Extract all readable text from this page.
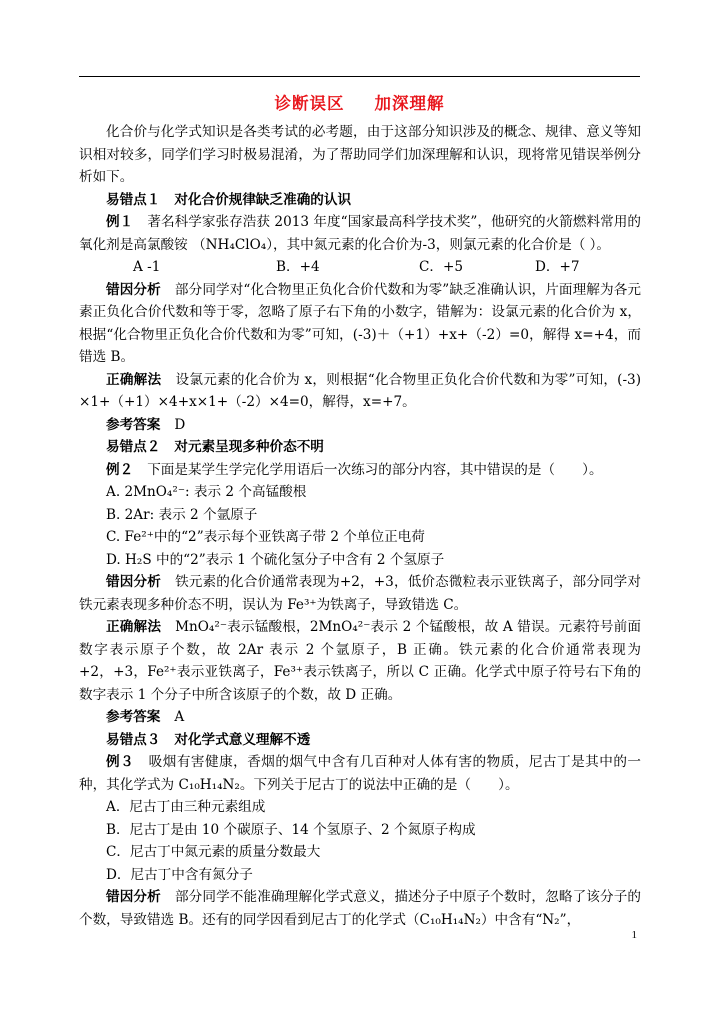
诊断误区 加深理解

化合价与化学式知识是各类考试的必考题，由于这部分知识涉及的概念、规律、意义等知识相对较多，同学们学习时极易混淆，为了帮助同学们加深理解和认识，现将常见错误举例分析如下。

易错点１ 对化合价规律缺乏准确的认识

例１ 著名科学家张存浩获 2013 年度“国家最高科学技术奖”，他研究的火箭燃料常用的氧化剂是高氯酸铵 （NH₄ClO₄），其中氮元素的化合价为-3，则氯元素的化合价是（ ）。

A -1	B．+4	C．+5	D．+7

错因分析 部分同学对“化合物里正负化合价代数和为零”缺乏准确认识，片面理解为各元素正负化合价代数和等于零，忽略了原子右下角的小数字，错解为：设氯元素的化合价为 x，根据“化合物里正负化合价代数和为零”可知，(-3)＋（+1）+x+（-2）=0，解得 x=+4，而错选 B。

正确解法 设氯元素的化合价为 x，则根据“化合物里正负化合价代数和为零”可知，(-3) ×1+（+1）×4+x×1+（-2）×4=0，解得，x=+7。

参考答案 D

易错点２ 对元素呈现多种价态不明

例２ 下面是某学生学完化学用语后一次练习的部分内容，其中错误的是（　　）。

A. 2MnO₄²⁻: 表示 2 个高锰酸根

B. 2Ar: 表示 2 个氩原子

C. Fe²⁺中的“2”表示每个亚铁离子带 2 个单位正电荷

D. H₂S 中的“2”表示 1 个硫化氢分子中含有 2 个氢原子

错因分析 铁元素的化合价通常表现为+2，+3，低价态微粒表示亚铁离子，部分同学对铁元素表现多种价态不明，误认为 Fe³⁺为铁离子，导致错选 C。

正确解法 MnO₄²⁻表示锰酸根，2MnO₄²⁻表示 2 个锰酸根，故 A 错误。元素符号前面数字表示原子个数，故 2Ar 表示 2 个氩原子，B 正确。铁元素的化合价通常表现为+2，+3，Fe²⁺表示亚铁离子，Fe³⁺表示铁离子，所以 C 正确。化学式中原子符号右下角的数字表示 1 个分子中所含该原子的个数，故 D 正确。

参考答案 A

易错点３ 对化学式意义理解不透

例３ 吸烟有害健康，香烟的烟气中含有几百种对人体有害的物质，尼古丁是其中的一种，其化学式为 C₁₀H₁₄N₂。下列关于尼古丁的说法中正确的是（　　）。

A．尼古丁由三种元素组成

B．尼古丁是由 10 个碳原子、14 个氢原子、2 个氮原子构成

C．尼古丁中氮元素的质量分数最大

D．尼古丁中含有氮分子

错因分析 部分同学不能准确理解化学式意义，描述分子中原子个数时，忽略了该分子的个数，导致错选 B。还有的同学因看到尼古丁的化学式（C₁₀H₁₄N₂）中含有“N₂”，

1
